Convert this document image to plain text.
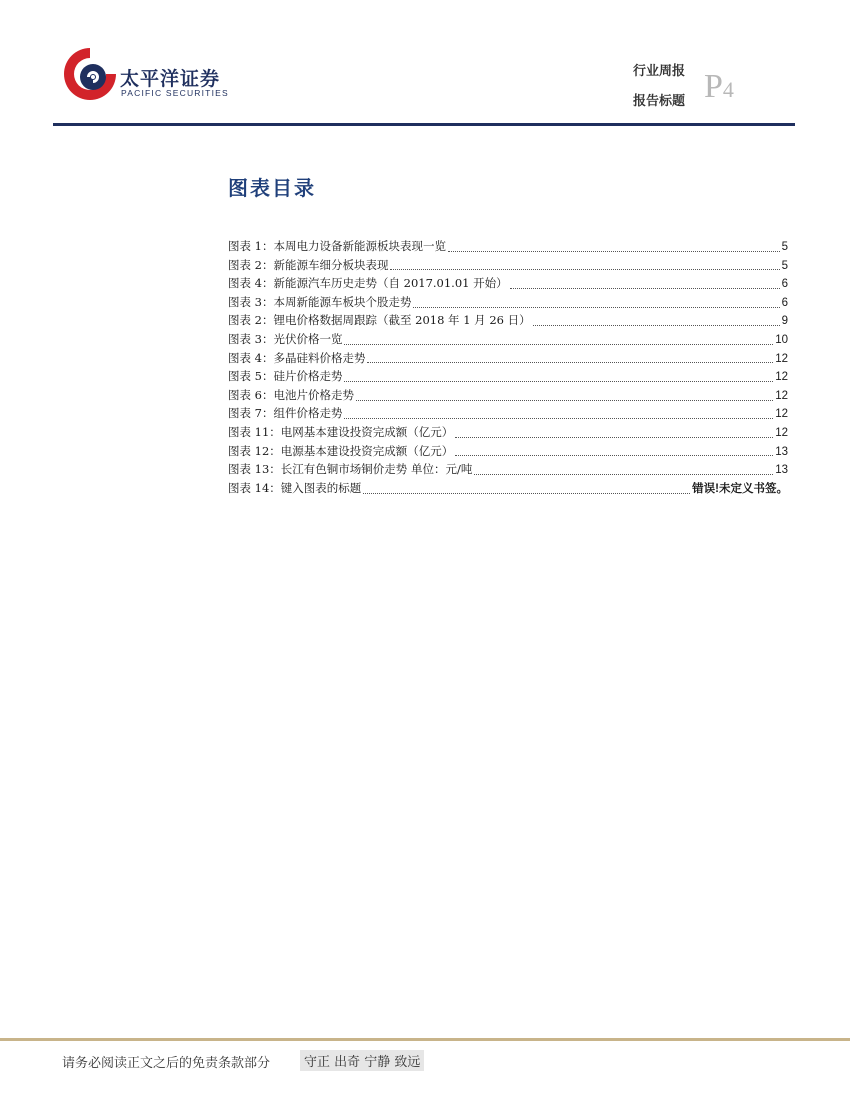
太平洋证券
PACIFIC SECURITIES
行业周报
报告标题 P4
图表目录
图表 1：本周电力设备新能源板块表现一览	5
图表 2：新能源车细分板块表现	5
图表 4：新能源汽车历史走势（自 2017.01.01 开始）	6
图表 3：本周新能源车板块个股走势	6
图表 2：锂电价格数据周跟踪（截至 2018 年 1 月 26 日）	9
图表 3：光伏价格一览	10
图表 4：多晶硅料价格走势	12
图表 5：硅片价格走势	12
图表 6：电池片价格走势	12
图表 7：组件价格走势	12
图表 11：电网基本建设投资完成额（亿元）	12
图表 12：电源基本建设投资完成额（亿元）	13
图表 13：长江有色铜市场铜价走势 单位：元/吨	13
图表 14：键入图表的标题	错误!未定义书签。
请务必阅读正文之后的免责条款部分	守正 出奇 宁静 致远
